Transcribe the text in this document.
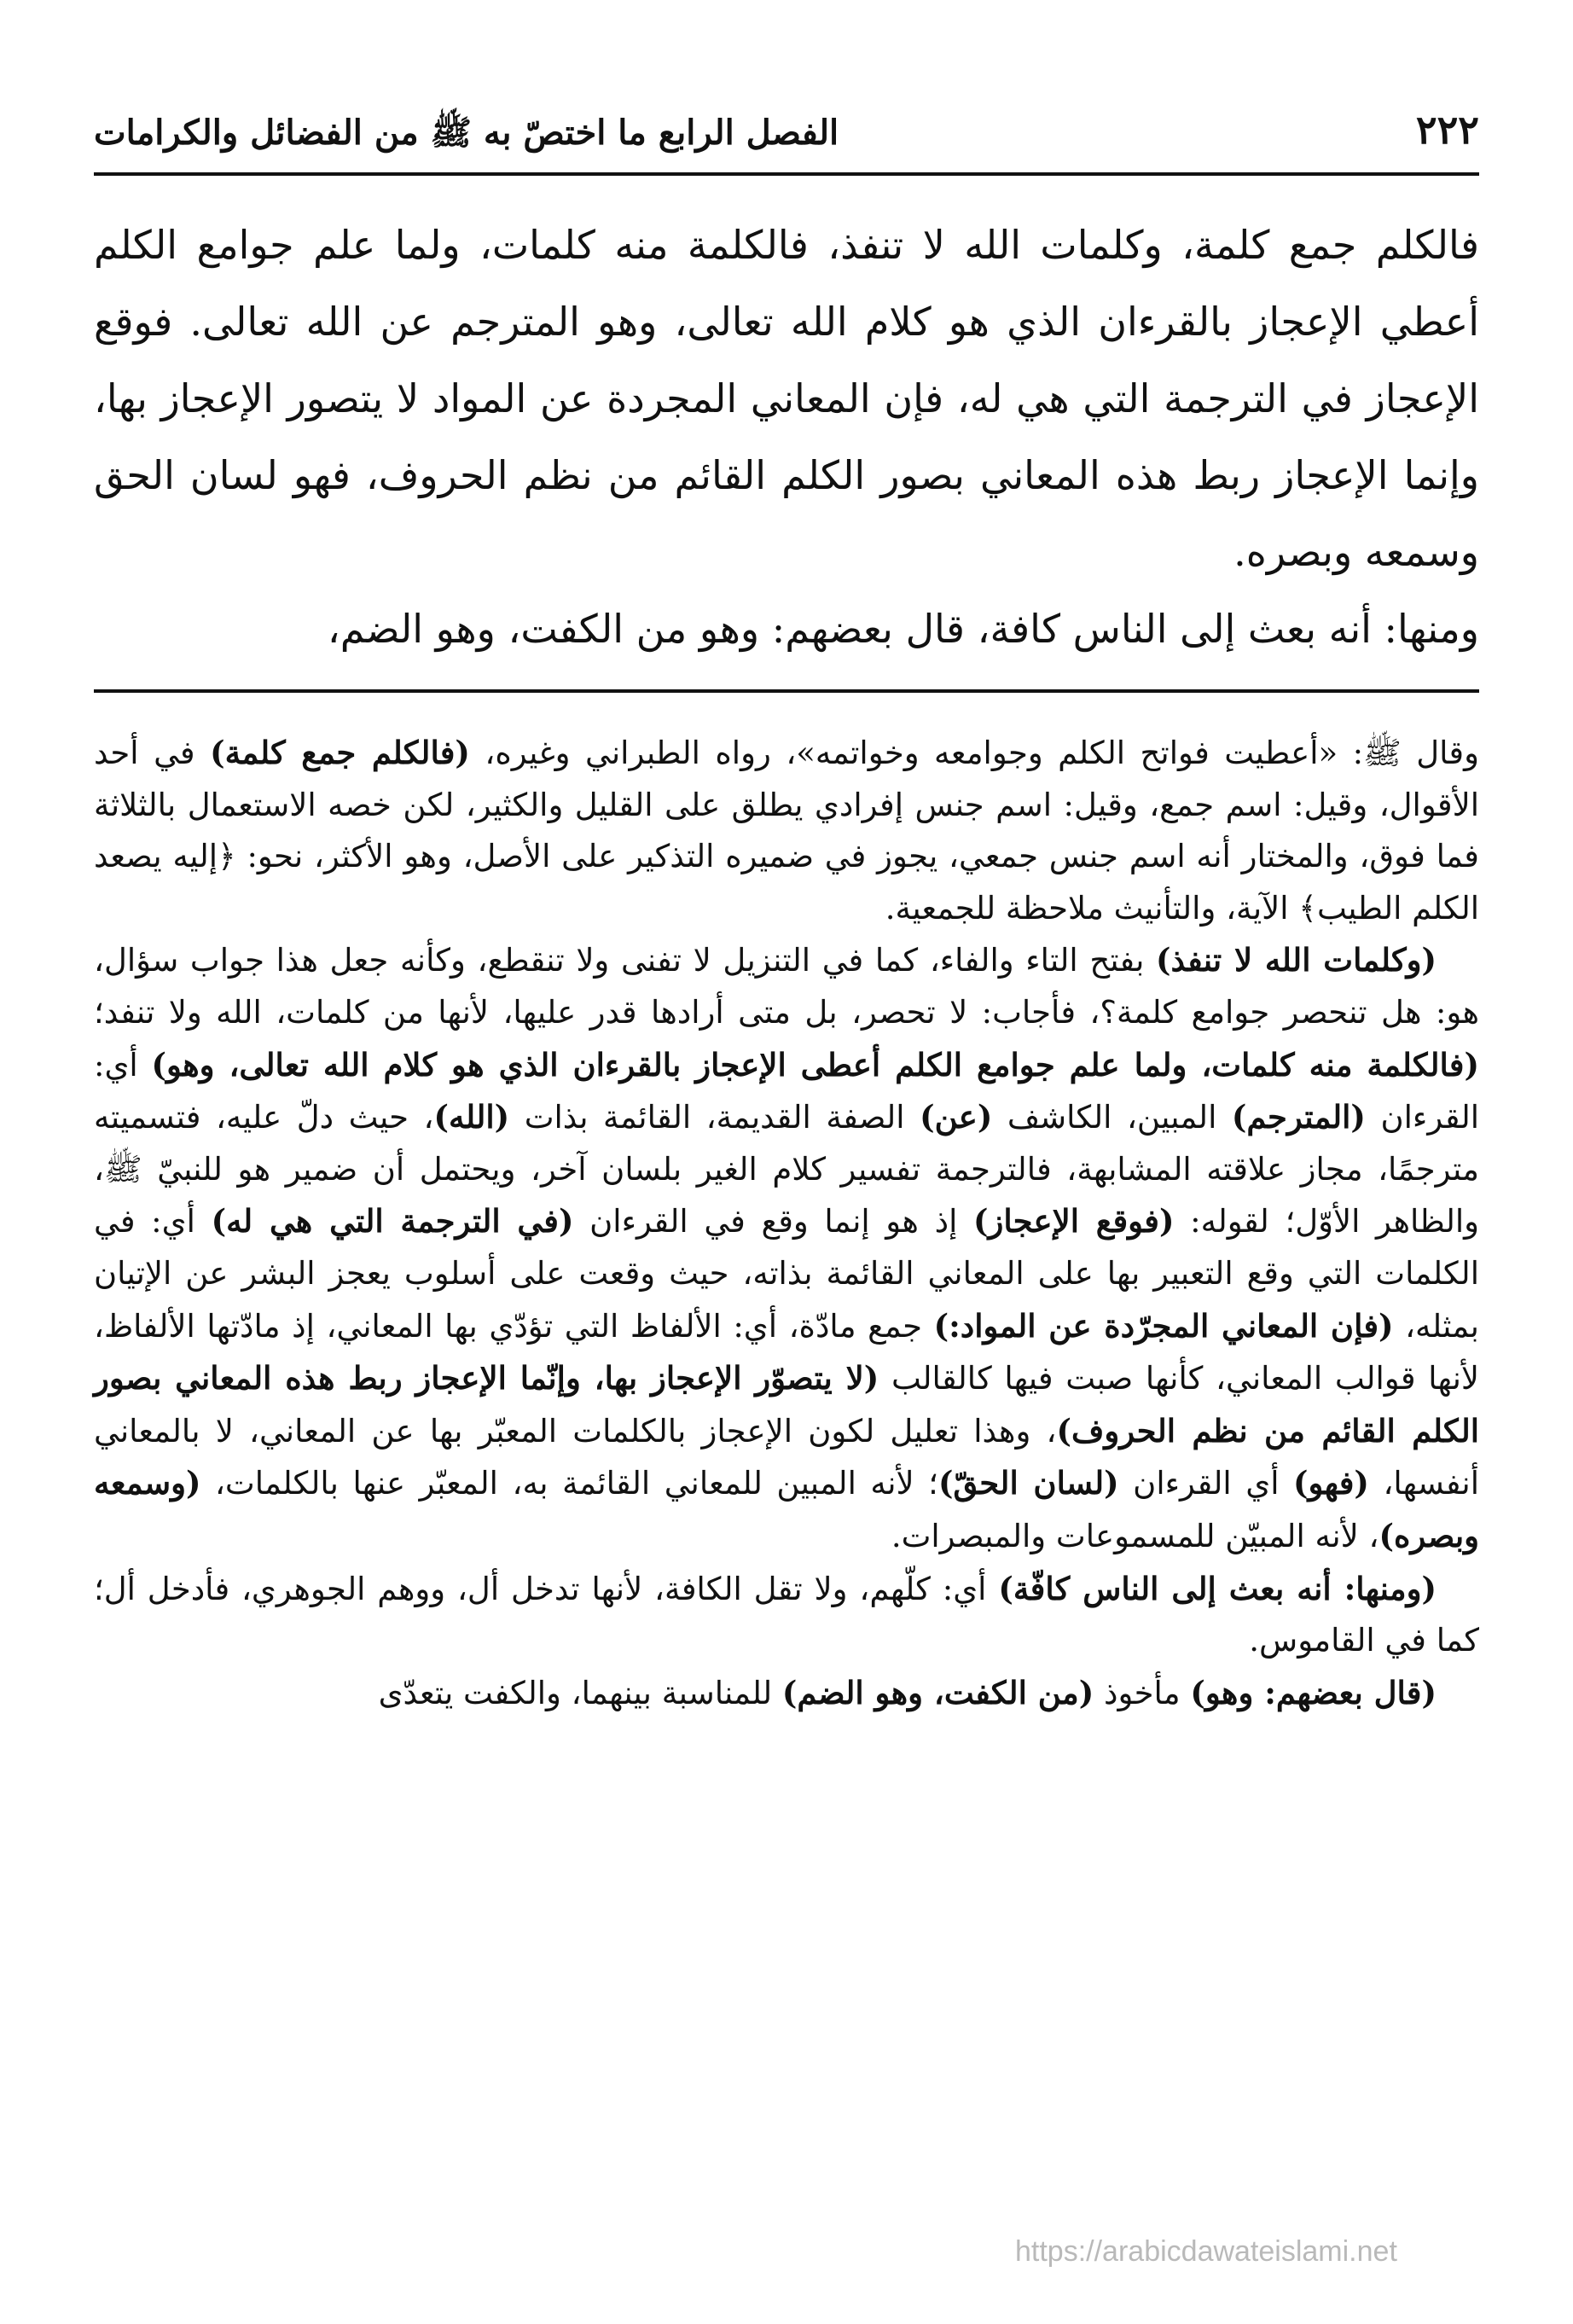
٢٢٢
الفصل الرابع ما اختصّ به ﷺ من الفضائل والكرامات

فالكلم جمع كلمة، وكلمات الله لا تنفذ، فالكلمة منه كلمات، ولما علم جوامع الكلم أعطي الإعجاز بالقرءان الذي هو كلام الله تعالى، وهو المترجم عن الله تعالى. فوقع الإعجاز في الترجمة التي هي له، فإن المعاني المجردة عن المواد لا يتصور الإعجاز بها، وإنما الإعجاز ربط هذه المعاني بصور الكلم القائم من نظم الحروف، فهو لسان الحق وسمعه وبصره.

ومنها: أنه بعث إلى الناس كافة، قال بعضهم: وهو من الكفت، وهو الضم،

وقال ﷺ: «أعطيت فواتح الكلم وجوامعه وخواتمه»، رواه الطبراني وغيره، (فالكلم جمع كلمة) في أحد الأقوال، وقيل: اسم جمع، وقيل: اسم جنس إفرادي يطلق على القليل والكثير، لكن خصه الاستعمال بالثلاثة فما فوق، والمختار أنه اسم جنس جمعي، يجوز في ضميره التذكير على الأصل، وهو الأكثر، نحو: ﴿إليه يصعد الكلم الطيب﴾ الآية، والتأنيث ملاحظة للجمعية.

(وكلمات الله لا تنفذ) بفتح التاء والفاء، كما في التنزيل لا تفنى ولا تنقطع، وكأنه جعل هذا جواب سؤال، هو: هل تنحصر جوامع كلمة؟، فأجاب: لا تحصر، بل متى أرادها قدر عليها، لأنها من كلمات، الله ولا تنفد؛ (فالكلمة منه كلمات، ولما علم جوامع الكلم أعطى الإعجاز بالقرءان الذي هو كلام الله تعالى، وهو) أي: القرءان (المترجم) المبين، الكاشف (عن) الصفة القديمة، القائمة بذات (الله)، حيث دلّ عليه، فتسميته مترجمًا، مجاز علاقته المشابهة، فالترجمة تفسير كلام الغير بلسان آخر، ويحتمل أن ضمير هو للنبيّ ﷺ، والظاهر الأوّل؛ لقوله: (فوقع الإعجاز) إذ هو إنما وقع في القرءان (في الترجمة التي هي له) أي: في الكلمات التي وقع التعبير بها على المعاني القائمة بذاته، حيث وقعت على أسلوب يعجز البشر عن الإتيان بمثله، (فإن المعاني المجرّدة عن المواد:) جمع مادّة، أي: الألفاظ التي تؤدّي بها المعاني، إذ مادّتها الألفاظ، لأنها قوالب المعاني، كأنها صبت فيها كالقالب (لا يتصوّر الإعجاز بها، وإنّما الإعجاز ربط هذه المعاني بصور الكلم القائم من نظم الحروف)، وهذا تعليل لكون الإعجاز بالكلمات المعبّر بها عن المعاني، لا بالمعاني أنفسها، (فهو) أي القرءان (لسان الحقّ)؛ لأنه المبين للمعاني القائمة به، المعبّر عنها بالكلمات، (وسمعه وبصره)، لأنه المبيّن للمسموعات والمبصرات.

(ومنها: أنه بعث إلى الناس كافّة) أي: كلّهم، ولا تقل الكافة، لأنها تدخل أل، ووهم الجوهري، فأدخل أل؛ كما في القاموس.

(قال بعضهم: وهو) مأخوذ (من الكفت، وهو الضم) للمناسبة بينهما، والكفت يتعدّى

https://arabicdawateislami.net
